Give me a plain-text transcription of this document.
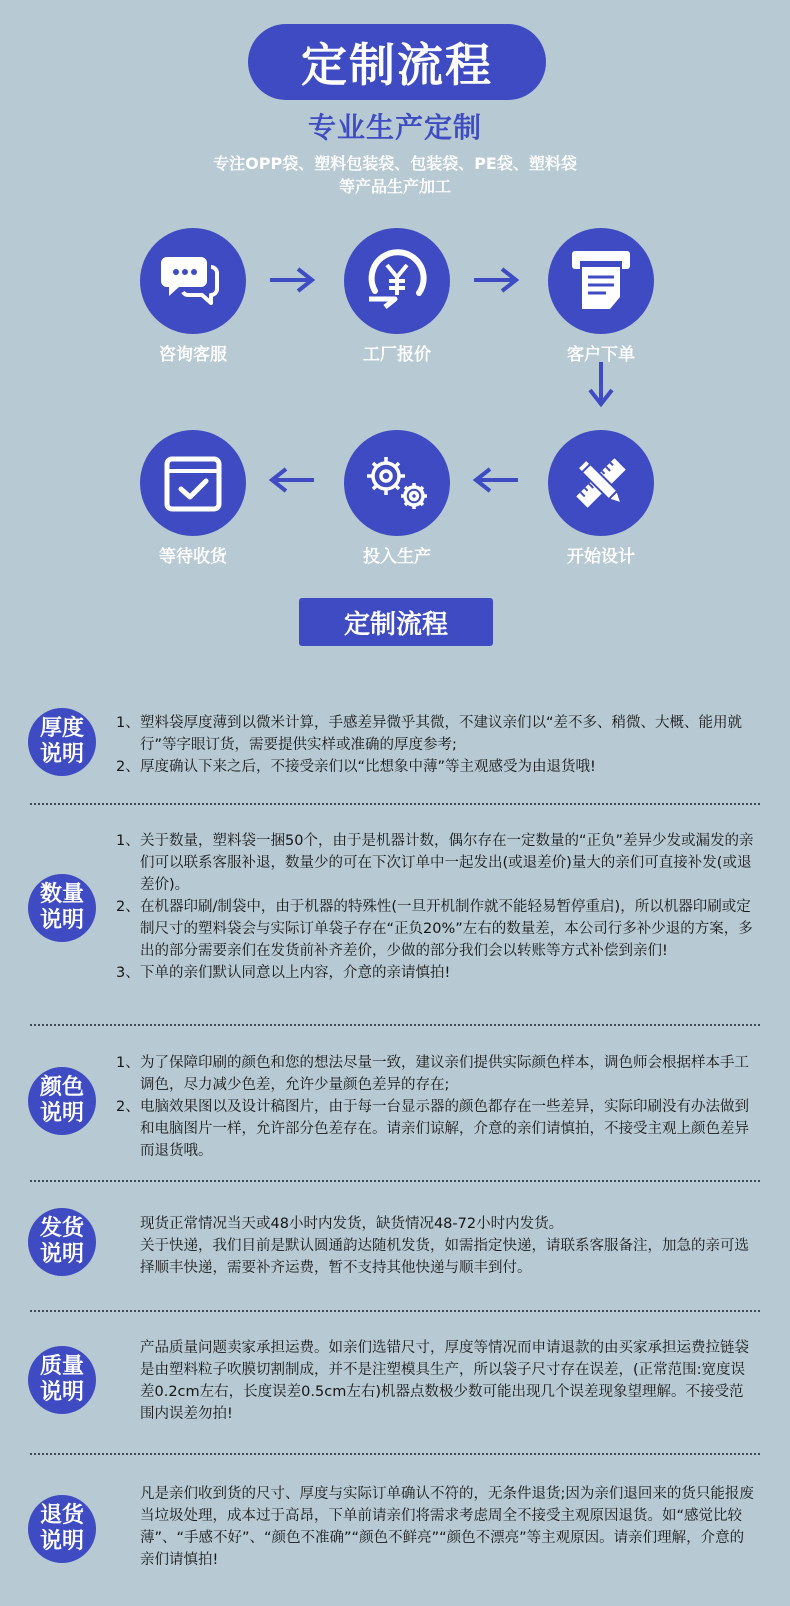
定制流程
专业生产定制
专注OPP袋、塑料包装袋、包装袋、PE袋、塑料袋
等产品生产加工
咨询客服	工厂报价	客户下单
开始设计
投入生产
等待收货
定制流程
厚度
说明
1、 塑料袋厚度薄到以微米计算，手感差异微乎其微，不建议亲们以“差不多、稍微、大概、能用就行”等字眼订货，需要提供实样或准确的厚度参考;
2、 厚度确认下来之后，不接受亲们以“比想象中薄”等主观感受为由退货哦!
数量
说明
1、 关于数量，塑料袋一捆50个，由于是机器计数，偶尔存在一定数量的“正负”差异少发或漏发的亲们可以联系客服补退，数量少的可在下次订单中一起发出(或退差价)量大的亲们可直接补发(或退差价)。
2、 在机器印刷/制袋中，由于机器的特殊性(一旦开机制作就不能轻易暂停重启)，所以机器印刷或定制尺寸的塑料袋会与实际订单袋子存在“正负20%”左右的数量差，本公司行多补少退的方案，多出的部分需要亲们在发货前补齐差价，少做的部分我们会以转账等方式补偿到亲们!
3、 下单的亲们默认同意以上内容，介意的亲请慎拍!
颜色
说明
1、 为了保障印刷的颜色和您的想法尽量一致，建议亲们提供实际颜色样本，调色师会根据样本手工调色，尽力减少色差，允许少量颜色差异的存在;
2、 电脑效果图以及设计稿图片，由于每一台显示器的颜色都存在一些差异，实际印刷没有办法做到和电脑图片一样，允许部分色差存在。请亲们谅解，介意的亲们请慎拍，不接受主观上颜色差异而退货哦。
发货
说明
现货正常情况当天或48小时内发货，缺货情况48-72小时内发货。
关于快递，我们目前是默认圆通韵达随机发货，如需指定快递，请联系客服备注，加急的亲可选择顺丰快递，需要补齐运费，暂不支持其他快递与顺丰到付。
质量
说明
产品质量问题卖家承担运费。如亲们选错尺寸，厚度等情况而申请退款的由买家承担运费拉链袋是由塑料粒子吹膜切割制成，并不是注塑模具生产，所以袋子尺寸存在误差，(正常范围:宽度误差0.2cm左右，长度误差0.5cm左右)机器点数极少数可能出现几个误差现象望理解。不接受范围内误差勿拍!
退货
说明
凡是亲们收到货的尺寸、厚度与实际订单确认不符的，无条件退货;因为亲们退回来的货只能报废当垃圾处理，成本过于高昂，下单前请亲们将需求考虑周全不接受主观原因退货。如“感觉比较薄”、“手感不好”、“颜色不准确”“颜色不鲜亮”“颜色不漂亮”等主观原因。请亲们理解，介意的亲们请慎拍!
